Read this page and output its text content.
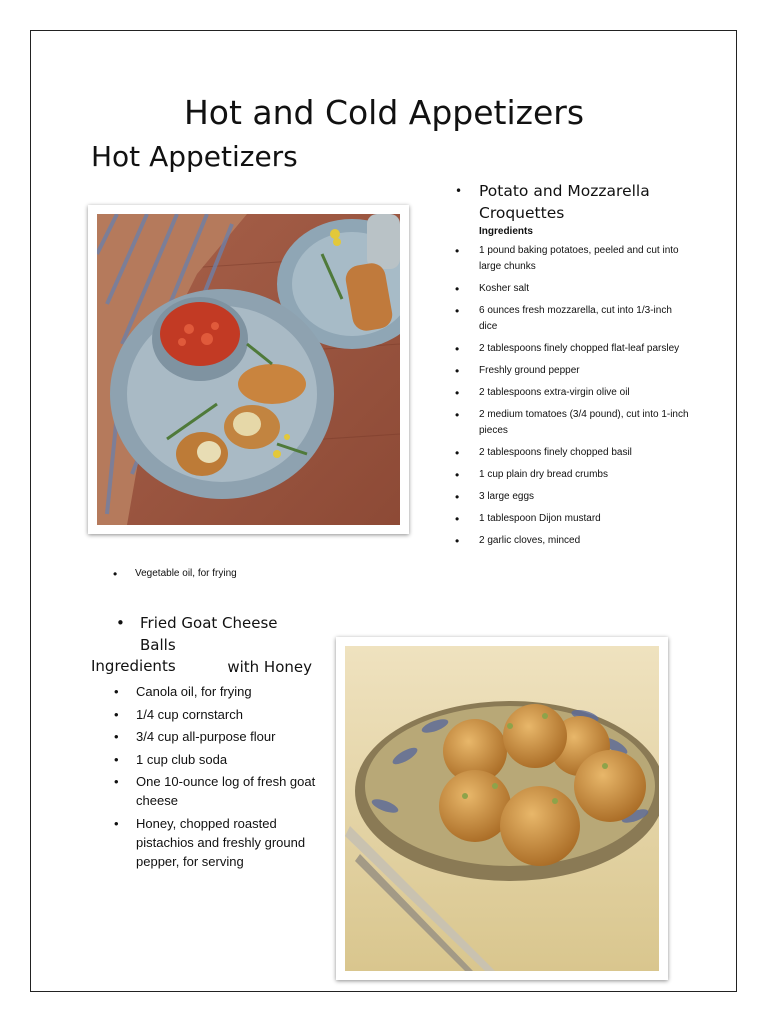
Hot and Cold Appetizers
Hot Appetizers
• Potato and Mozzarella Croquettes
Ingredients
• 1 pound baking potatoes, peeled and cut into large chunks
• Kosher salt
• 6 ounces fresh mozzarella, cut into 1/3-inch dice
• 2 tablespoons finely chopped flat-leaf parsley
• Freshly ground pepper
• 2 tablespoons extra-virgin olive oil
• 2 medium tomatoes (3/4 pound), cut into 1-inch pieces
• 2 tablespoons finely chopped basil
• 1 cup plain dry bread crumbs
• 3 large eggs
• 1 tablespoon Dijon mustard
• 2 garlic cloves, minced
• Vegetable oil, for frying
• Fried Goat Cheese Balls
with Honey
Ingredients
• Canola oil, for frying
• 1/4 cup cornstarch
• 3/4 cup all-purpose flour
• 1 cup club soda
• One 10-ounce log of fresh goat cheese
• Honey, chopped roasted pistachios and freshly ground pepper, for serving
